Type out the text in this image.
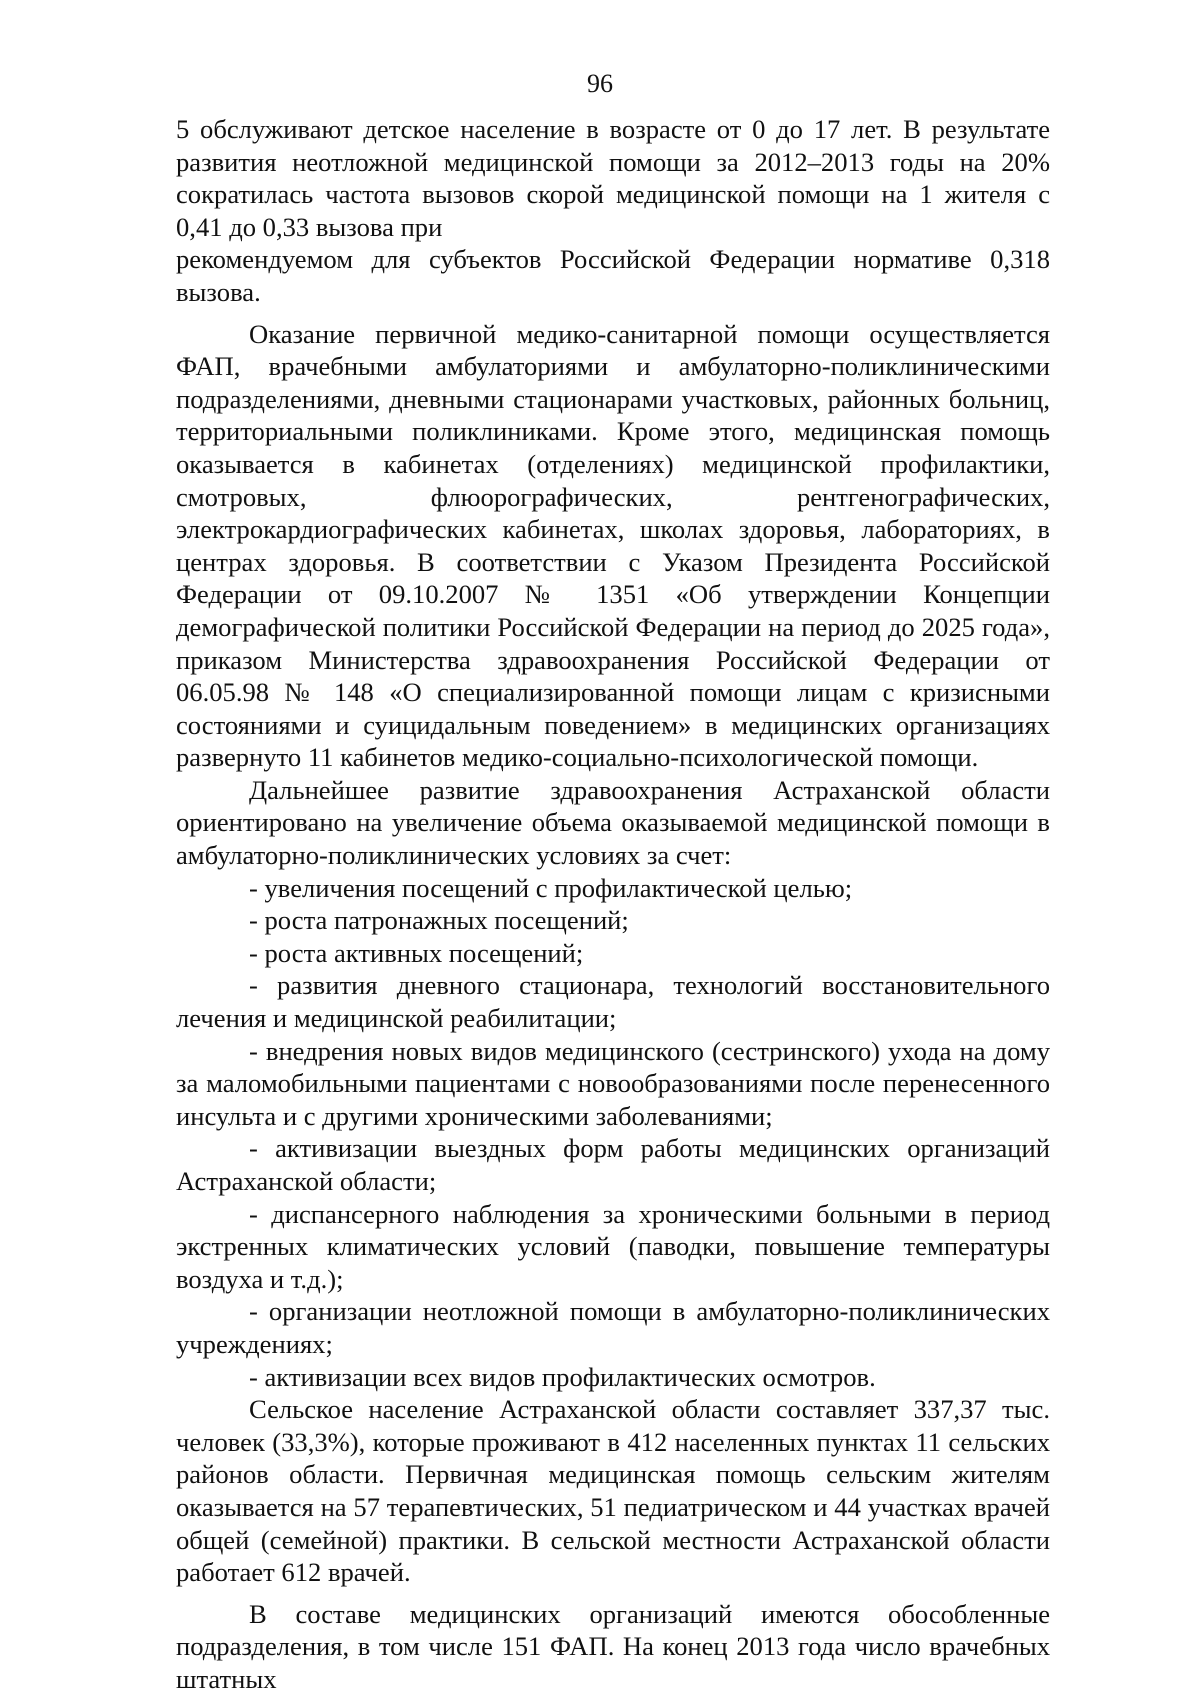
96

5 обслуживают детское население в возрасте от 0 до 17 лет. В результате развития неотложной медицинской помощи за 2012–2013 годы на 20% сократилась частота вызовов скорой медицинской помощи на 1 жителя с 0,41 до 0,33 вызова при

рекомендуемом для субъектов Российской Федерации нормативе 0,318 вызова.

Оказание первичной медико-санитарной помощи осуществляется ФАП, врачебными амбулаториями и амбулаторно-поликлиническими подразделениями, дневными стационарами участковых, районных больниц, территориальными поликлиниками. Кроме этого, медицинская помощь оказывается в кабинетах (отделениях) медицинской профилактики, смотровых, флюорографических, рентгенографических, электрокардиографических кабинетах, школах здоровья, лабораториях, в центрах здоровья. В соответствии с Указом Президента Российской Федерации от 09.10.2007 № 1351 «Об утверждении Концепции демографической политики Российской Федерации на период до 2025 года», приказом Министерства здравоохранения Российской Федерации от 06.05.98 № 148 «О специализированной помощи лицам с кризисными состояниями и суицидальным поведением» в медицинских организациях развернуто 11 кабинетов медико-социально-психологической помощи.

Дальнейшее развитие здравоохранения Астраханской области ориентировано на увеличение объема оказываемой медицинской помощи в амбулаторно-поликлинических условиях за счет:

- увеличения посещений с профилактической целью;

- роста патронажных посещений;

- роста активных посещений;

- развития дневного стационара, технологий восстановительного лечения и медицинской реабилитации;

- внедрения новых видов медицинского (сестринского) ухода на дому за маломобильными пациентами с новообразованиями после перенесенного инсульта и с другими хроническими заболеваниями;

- активизации выездных форм работы медицинских организаций Астраханской области;

- диспансерного наблюдения за хроническими больными в период экстренных климатических условий (паводки, повышение температуры воздуха и т.д.);

- организации неотложной помощи в амбулаторно-поликлинических учреждениях;

- активизации всех видов профилактических осмотров.

Сельское население Астраханской области составляет 337,37 тыс. человек (33,3%), которые проживают в 412 населенных пунктах 11 сельских районов области. Первичная медицинская помощь сельским жителям оказывается на 57 терапевтических, 51 педиатрическом и 44 участках врачей общей (семейной) практики. В сельской местности Астраханской области работает 612 врачей.

В составе медицинских организаций имеются обособленные подразделения, в том числе 151 ФАП. На конец 2013 года число врачебных штатных
